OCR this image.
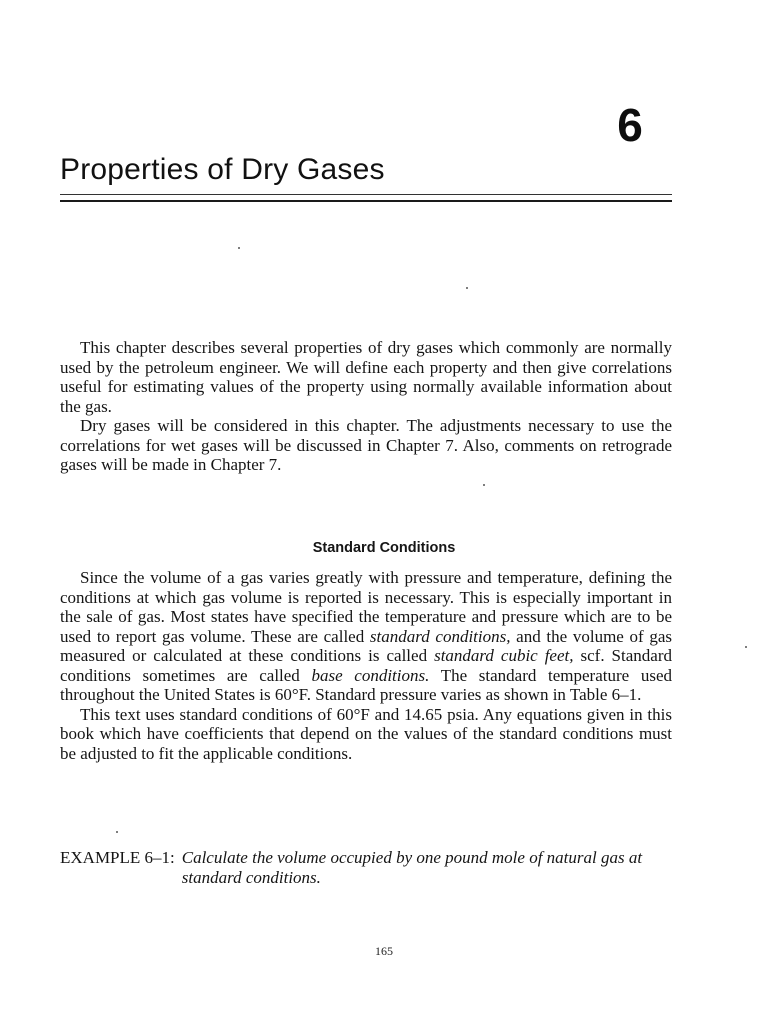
6
Properties of Dry Gases

This chapter describes several properties of dry gases which commonly are normally used by the petroleum engineer. We will define each property and then give correlations useful for estimating values of the property using normally available information about the gas.

Dry gases will be considered in this chapter. The adjustments necessary to use the correlations for wet gases will be discussed in Chapter 7. Also, comments on retrograde gases will be made in Chapter 7.

Standard Conditions

Since the volume of a gas varies greatly with pressure and temperature, defining the conditions at which gas volume is reported is necessary. This is especially important in the sale of gas. Most states have specified the temperature and pressure which are to be used to report gas volume. These are called standard conditions, and the volume of gas measured or calculated at these conditions is called standard cubic feet, scf. Standard conditions sometimes are called base conditions. The standard temperature used throughout the United States is 60°F. Standard pressure varies as shown in Table 6–1.

This text uses standard conditions of 60°F and 14.65 psia. Any equations given in this book which have coefficients that depend on the values of the standard conditions must be adjusted to fit the applicable conditions.

EXAMPLE 6–1: Calculate the volume occupied by one pound mole of natural gas at standard conditions.
165
